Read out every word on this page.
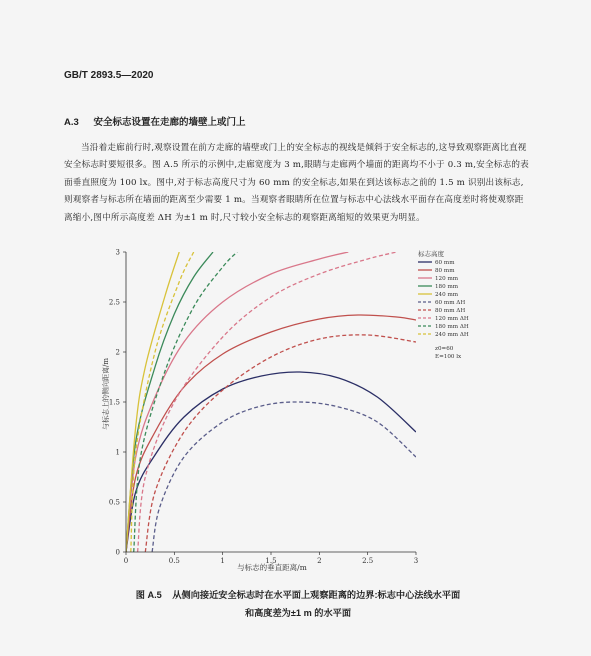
GB/T 2893.5—2020
A.3 安全标志设置在走廊的墙壁上或门上

当沿着走廊前行时,观察设置在前方走廊的墙壁或门上的安全标志的视线是倾斜于安全标志的,这导致观察距离比直视安全标志时要短很多。图 A.5 所示的示例中,走廊宽度为 3 m,眼睛与走廊两个墙面的距离均不小于 0.3 m,安全标志的表面垂直照度为 100 lx。图中,对于标志高度尺寸为 60 mm 的安全标志,如果在到达该标志之前的 1.5 m 识别出该标志,则观察者与标志所在墙面的距离至少需要 1 m。当观察者眼睛所在位置与标志中心法线水平面存在高度差时将使观察距离缩小,图中所示高度差 ΔH 为±1 m 时,尺寸较小安全标志的观察距离缩短的效果更为明显。

0	0.5	1	1.5	2	2.5	3
0
0.5
1
1.5
2
2.5
3
与标志的垂直距离/m
与标志上的侧向距离/m
标志高度
60 mm
80 mm
120 mm
180 mm
240 mm
60 mm ΔH
80 mm ΔH
120 mm ΔH
180 mm ΔH
240 mm ΔH
z0=60
E=100 lx
图 A.5 从侧向接近安全标志时在水平面上观察距离的边界:标志中心法线水平面
和高度差为±1 m 的水平面
